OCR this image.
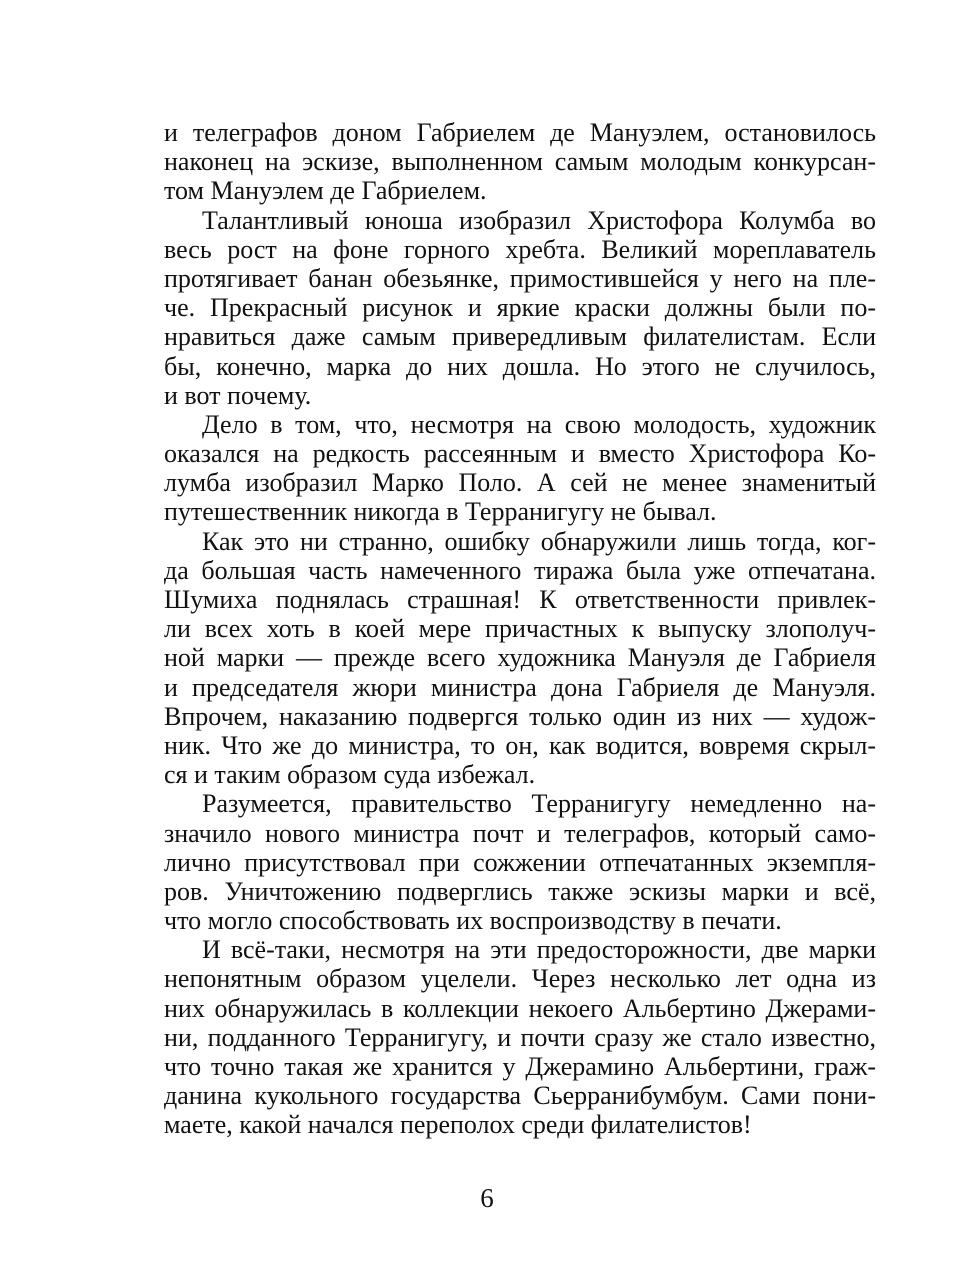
и телеграфов доном Габриелем де Мануэлем, остановилось
наконец на эскизе, выполненном самым молодым конкурсан-
том Мануэлем де Габриелем.
Талантливый юноша изобразил Христофора Колумба во
весь рост на фоне горного хребта. Великий мореплаватель
протягивает банан обезьянке, примостившейся у него на пле-
че. Прекрасный рисунок и яркие краски должны были по-
нравиться даже самым привередливым филателистам. Если
бы, конечно, марка до них дошла. Но этого не случилось,
и вот почему.
Дело в том, что, несмотря на свою молодость, художник
оказался на редкость рассеянным и вместо Христофора Ко-
лумба изобразил Марко Поло. А сей не менее знаменитый
путешественник никогда в Терранигугу не бывал.
Как это ни странно, ошибку обнаружили лишь тогда, ког-
да большая часть намеченного тиража была уже отпечатана.
Шумиха поднялась страшная! К ответственности привлек-
ли всех хоть в коей мере причастных к выпуску злополуч-
ной марки — прежде всего художника Мануэля де Габриеля
и председателя жюри министра дона Габриеля де Мануэля.
Впрочем, наказанию подвергся только один из них — худож-
ник. Что же до министра, то он, как водится, вовремя скрыл-
ся и таким образом суда избежал.
Разумеется, правительство Терранигугу немедленно на-
значило нового министра почт и телеграфов, который само-
лично присутствовал при сожжении отпечатанных экземпля-
ров. Уничтожению подверглись также эскизы марки и всё,
что могло способствовать их воспроизводству в печати.
И всё-таки, несмотря на эти предосторожности, две марки
непонятным образом уцелели. Через несколько лет одна из
них обнаружилась в коллекции некоего Альбертино Джерами-
ни, подданного Терранигугу, и почти сразу же стало известно,
что точно такая же хранится у Джерамино Альбертини, граж-
данина кукольного государства Сьерранибумбум. Сами пони-
маете, какой начался переполох среди филателистов!
6
